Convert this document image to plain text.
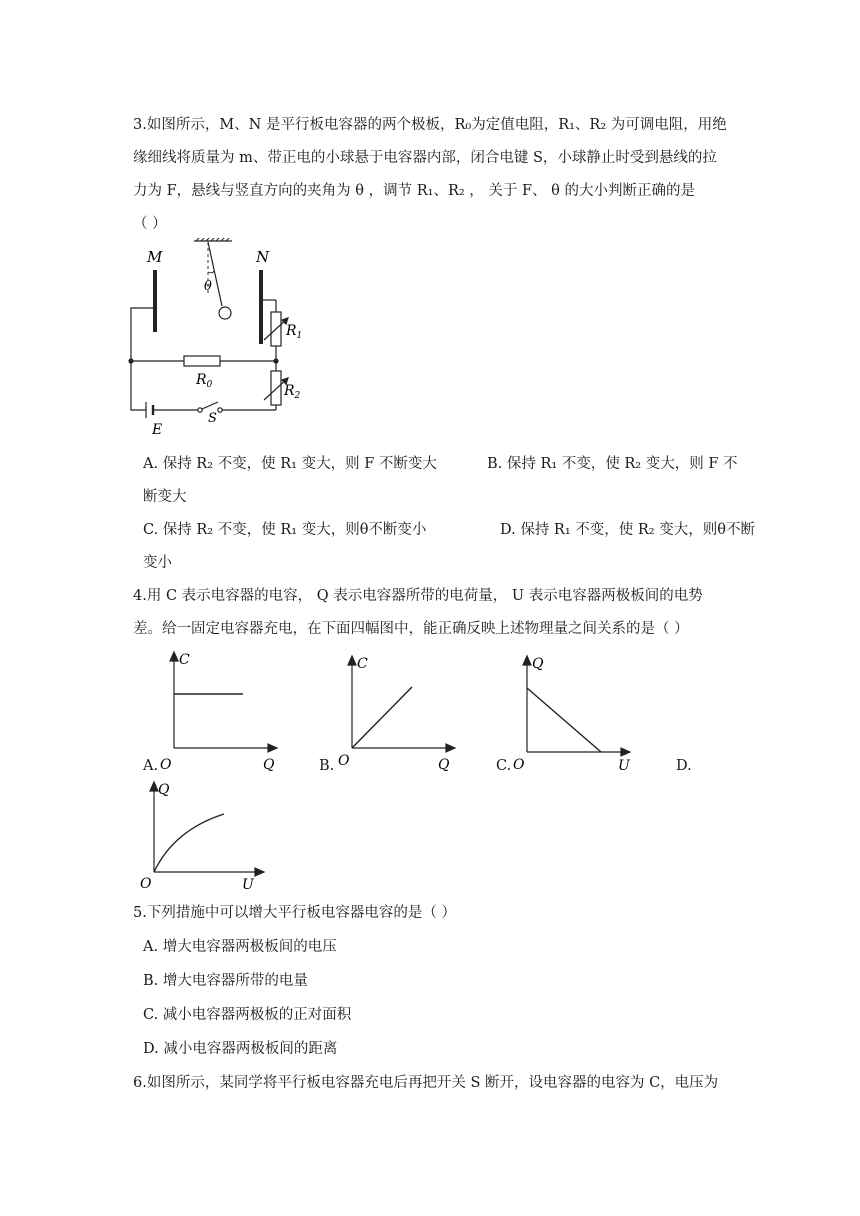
3.如图所示，M、N 是平行板电容器的两个极板，R₀为定值电阻，R₁、R₂ 为可调电阻，用绝
缘细线将质量为 m、带正电的小球悬于电容器内部，闭合电键 S，小球静止时受到悬线的拉
力为 F，悬线与竖直方向的夹角为 θ ，调节 R₁、R₂ ， 关于 F、 θ 的大小判断正确的是
（ ）
M	N
θ
$R_1$
$R_0$	$R_2$
E
S
A. 保持 R₂ 不变，使 R₁ 变大，则 F 不断变大	B. 保持 R₁ 不变，使 R₂ 变大，则 F 不
断变大
C. 保持 R₂ 不变，使 R₁ 变大，则θ不断变小	D. 保持 R₁ 不变，使 R₂ 变大，则θ不断
变小
4.用 C 表示电容器的电容， Q 表示电容器所带的电荷量， U 表示电容器两极板间的电势
差。给一固定电容器充电，在下面四幅图中，能正确反映上述物理量之间关系的是（ ）
A.
C
O	Q	B.
C
O	Q	C.
Q
O	U	D.
Q
O	U
5.下列措施中可以增大平行板电容器电容的是（ ）
A. 增大电容器两极板间的电压
B. 增大电容器所带的电量
C. 减小电容器两极板的正对面积
D. 减小电容器两极板间的距离
6.如图所示，某同学将平行板电容器充电后再把开关 S 断开，设电容器的电容为 C，电压为
